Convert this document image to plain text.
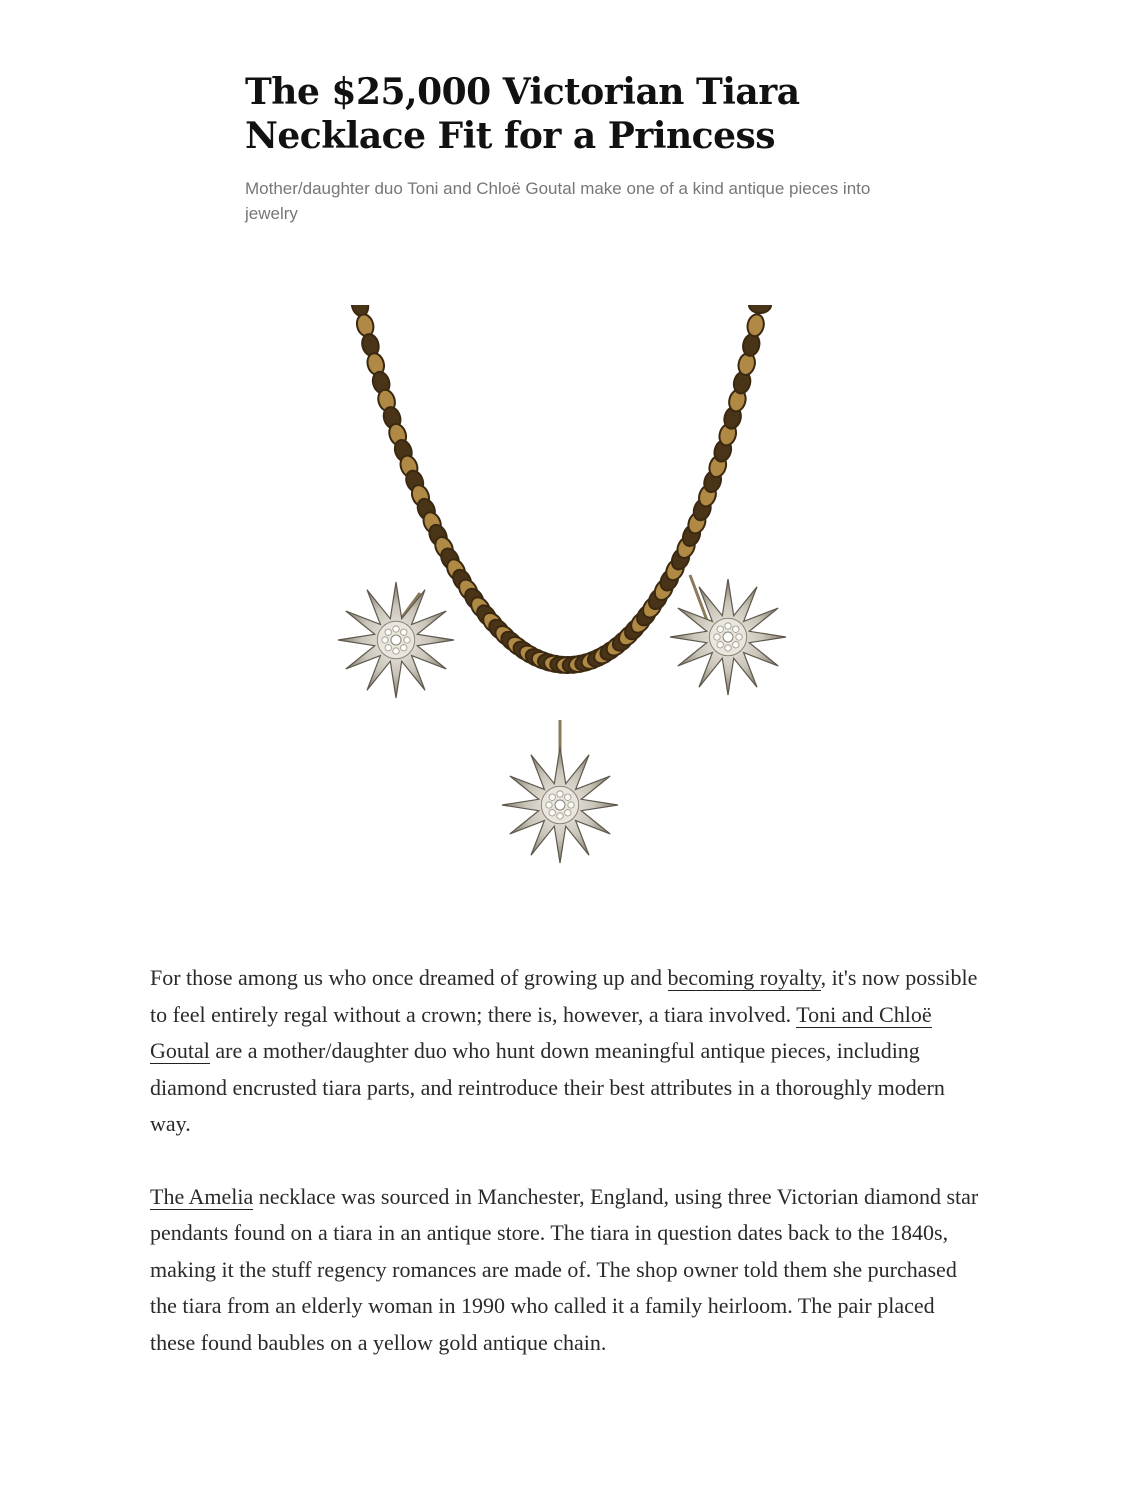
The $25,000 Victorian Tiara Necklace Fit for a Princess

Mother/daughter duo Toni and Chloë Goutal make one of a kind antique pieces into jewelry

For those among us who once dreamed of growing up and becoming royalty, it's now possible to feel entirely regal without a crown; there is, however, a tiara involved. Toni and Chloë Goutal are a mother/daughter duo who hunt down meaningful antique pieces, including diamond encrusted tiara parts, and reintroduce their best attributes in a thoroughly modern way.

The Amelia necklace was sourced in Manchester, England, using three Victorian diamond star pendants found on a tiara in an antique store. The tiara in question dates back to the 1840s, making it the stuff regency romances are made of. The shop owner told them she purchased the tiara from an elderly woman in 1990 who called it a family heirloom. The pair placed these found baubles on a yellow gold antique chain.
